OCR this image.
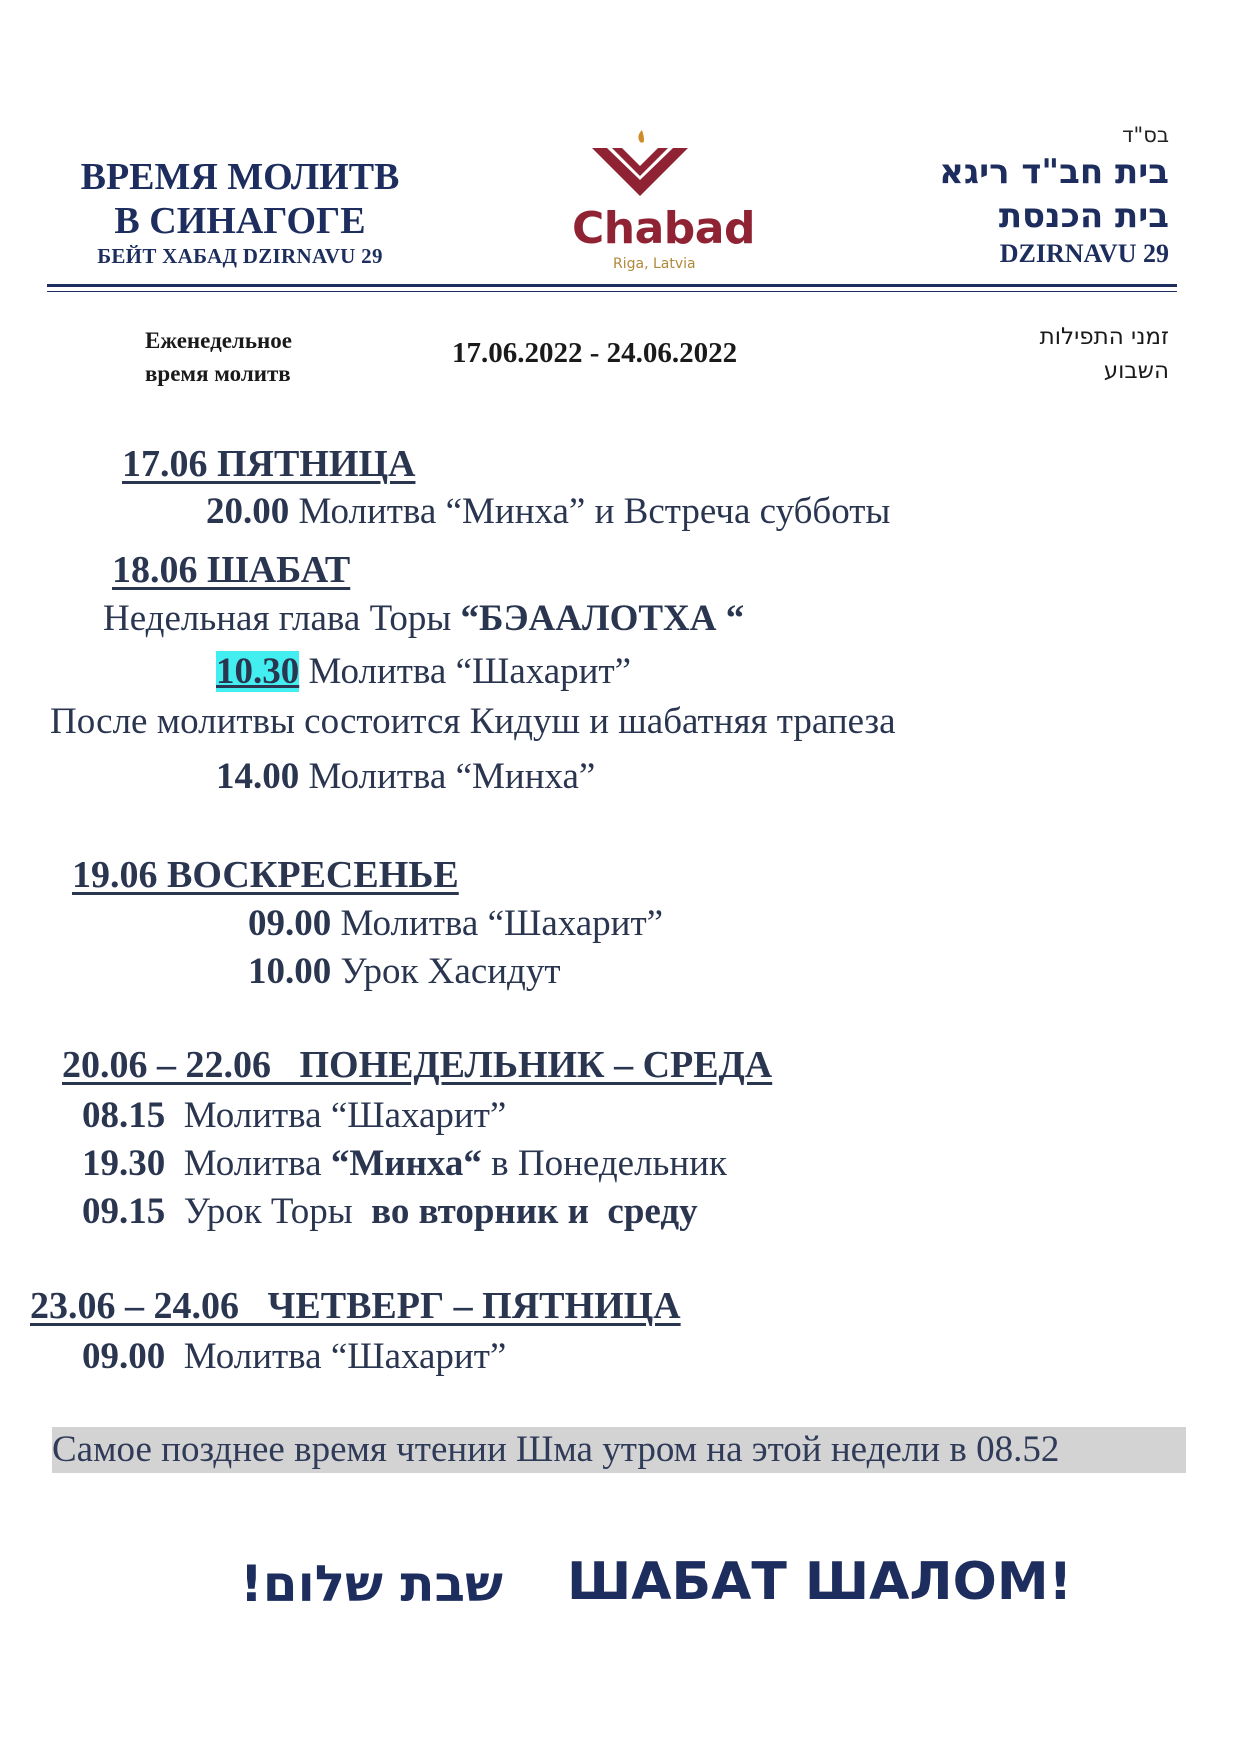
ВРЕМЯ МОЛИТВ
В СИНАГОГЕ
БЕЙТ ХАБАД DZIRNAVU 29
Chabad
Riga, Latvia
בס"ד
בית חב"ד ריגא
בית הכנסת
DZIRNAVU 29
Еженедельное
время молитв
17.06.2022 - 24.06.2022	זמני התפילות
השבוע
17.06 ПЯТНИЦА
20.00 Молитва “Минха” и Встреча субботы
18.06 ШАБАТ
Недельная глава Торы “БЭААЛОТХА “
10.30 Молитва “Шахарит”
После молитвы состоится Кидуш и шабатняя трапеза
14.00 Молитва “Минха”
19.06 ВОСКРЕСЕНЬЕ
09.00 Молитва “Шахарит”
10.00 Урок Хасидут
20.06 – 22.06   ПОНЕДЕЛЬНИК – СРЕДА
08.15  Молитва “Шахарит”
19.30  Молитва “Минха“ в Понедельник
09.15  Урок Торы  во вторник и  среду
23.06 – 24.06   ЧЕТВЕРГ – ПЯТНИЦА
09.00  Молитва “Шахарит”
Самое позднее время чтении Шма утром на этой недели в 08.52
שבת שלום! ШАБАТ ШАЛОМ!
